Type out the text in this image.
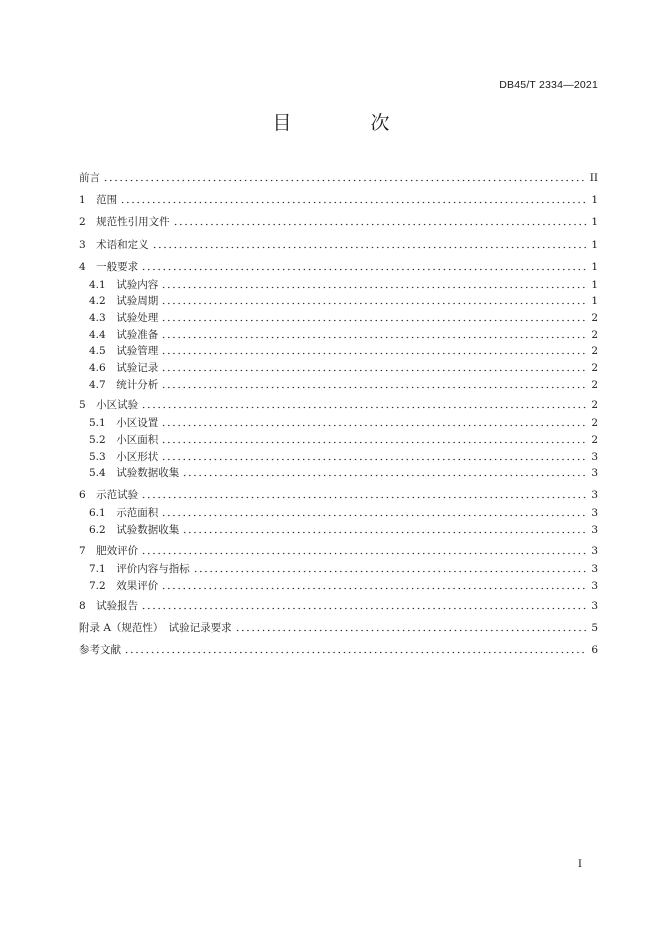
DB45/T 2334—2021
目　次
前言	II
1　范围	1
2　规范性引用文件	1
3　术语和定义	1
4　一般要求	1
4.1　试验内容	1
4.2　试验周期	1
4.3　试验处理	2
4.4　试验准备	2
4.5　试验管理	2
4.6　试验记录	2
4.7　统计分析	2
5　小区试验	2
5.1　小区设置	2
5.2　小区面积	2
5.3　小区形状	3
5.4　试验数据收集	3
6　示范试验	3
6.1　示范面积	3
6.2　试验数据收集	3
7　肥效评价	3
7.1　评价内容与指标	3
7.2　效果评价	3
8　试验报告	3
附录 A（规范性）　试验记录要求	5
参考文献	6
I
